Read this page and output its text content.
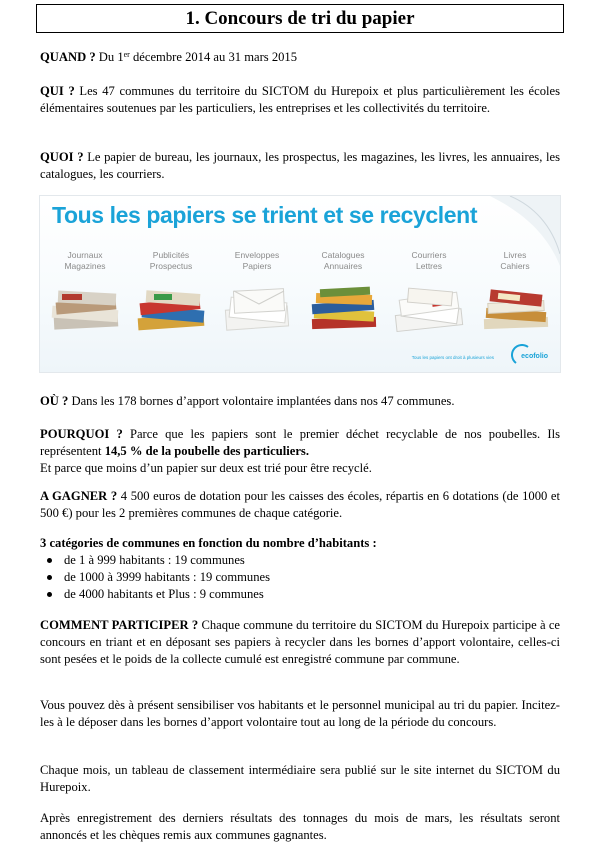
1. Concours de tri du papier

QUAND ? Du 1er décembre 2014 au 31 mars 2015

QUI ? Les 47 communes du territoire du SICTOM du Hurepoix et plus particulièrement les écoles élémentaires soutenues par les particuliers, les entreprises et les collectivités du territoire.

QUOI ? Le papier de bureau, les journaux, les prospectus, les magazines, les livres, les annuaires, les catalogues, les courriers.

Tous les papiers se trient et se recyclent
Journaux
Magazines
Publicités
Prospectus
Enveloppes
Papiers
Catalogues
Annuaires
Courriers
Lettres
Livres
Cahiers
Tous les papiers ont droit à plusieurs vies	ecofolio

OÙ ? Dans les 178 bornes d’apport volontaire implantées dans nos 47 communes.

POURQUOI ? Parce que les papiers sont le premier déchet recyclable de nos poubelles. Ils représentent 14,5 % de la poubelle des particuliers.
Et parce que moins d’un papier sur deux est trié pour être recyclé.

A GAGNER ? 4 500 euros de dotation pour les caisses des écoles, répartis en 6 dotations (de 1000 et 500 €) pour les 2 premières communes de chaque catégorie.

3 catégories de communes en fonction du nombre d’habitants :

de 1 à 999 habitants : 19 communes
de 1000 à 3999 habitants : 19 communes
de 4000 habitants et Plus : 9 communes

COMMENT PARTICIPER ? Chaque commune du territoire du SICTOM du Hurepoix participe à ce concours en triant et en déposant ses papiers à recycler dans les bornes d’apport volontaire, celles-ci sont pesées et le poids de la collecte cumulé est enregistré commune par commune.

Vous pouvez dès à présent sensibiliser vos habitants et le personnel municipal au tri du papier. Incitez-les à le déposer dans les bornes d’apport volontaire tout au long de la période du concours.

Chaque mois, un tableau de classement intermédiaire sera publié sur le site internet du SICTOM du Hurepoix.

Après enregistrement des derniers résultats des tonnages du mois de mars, les résultats seront annoncés et les chèques remis aux communes gagnantes.
